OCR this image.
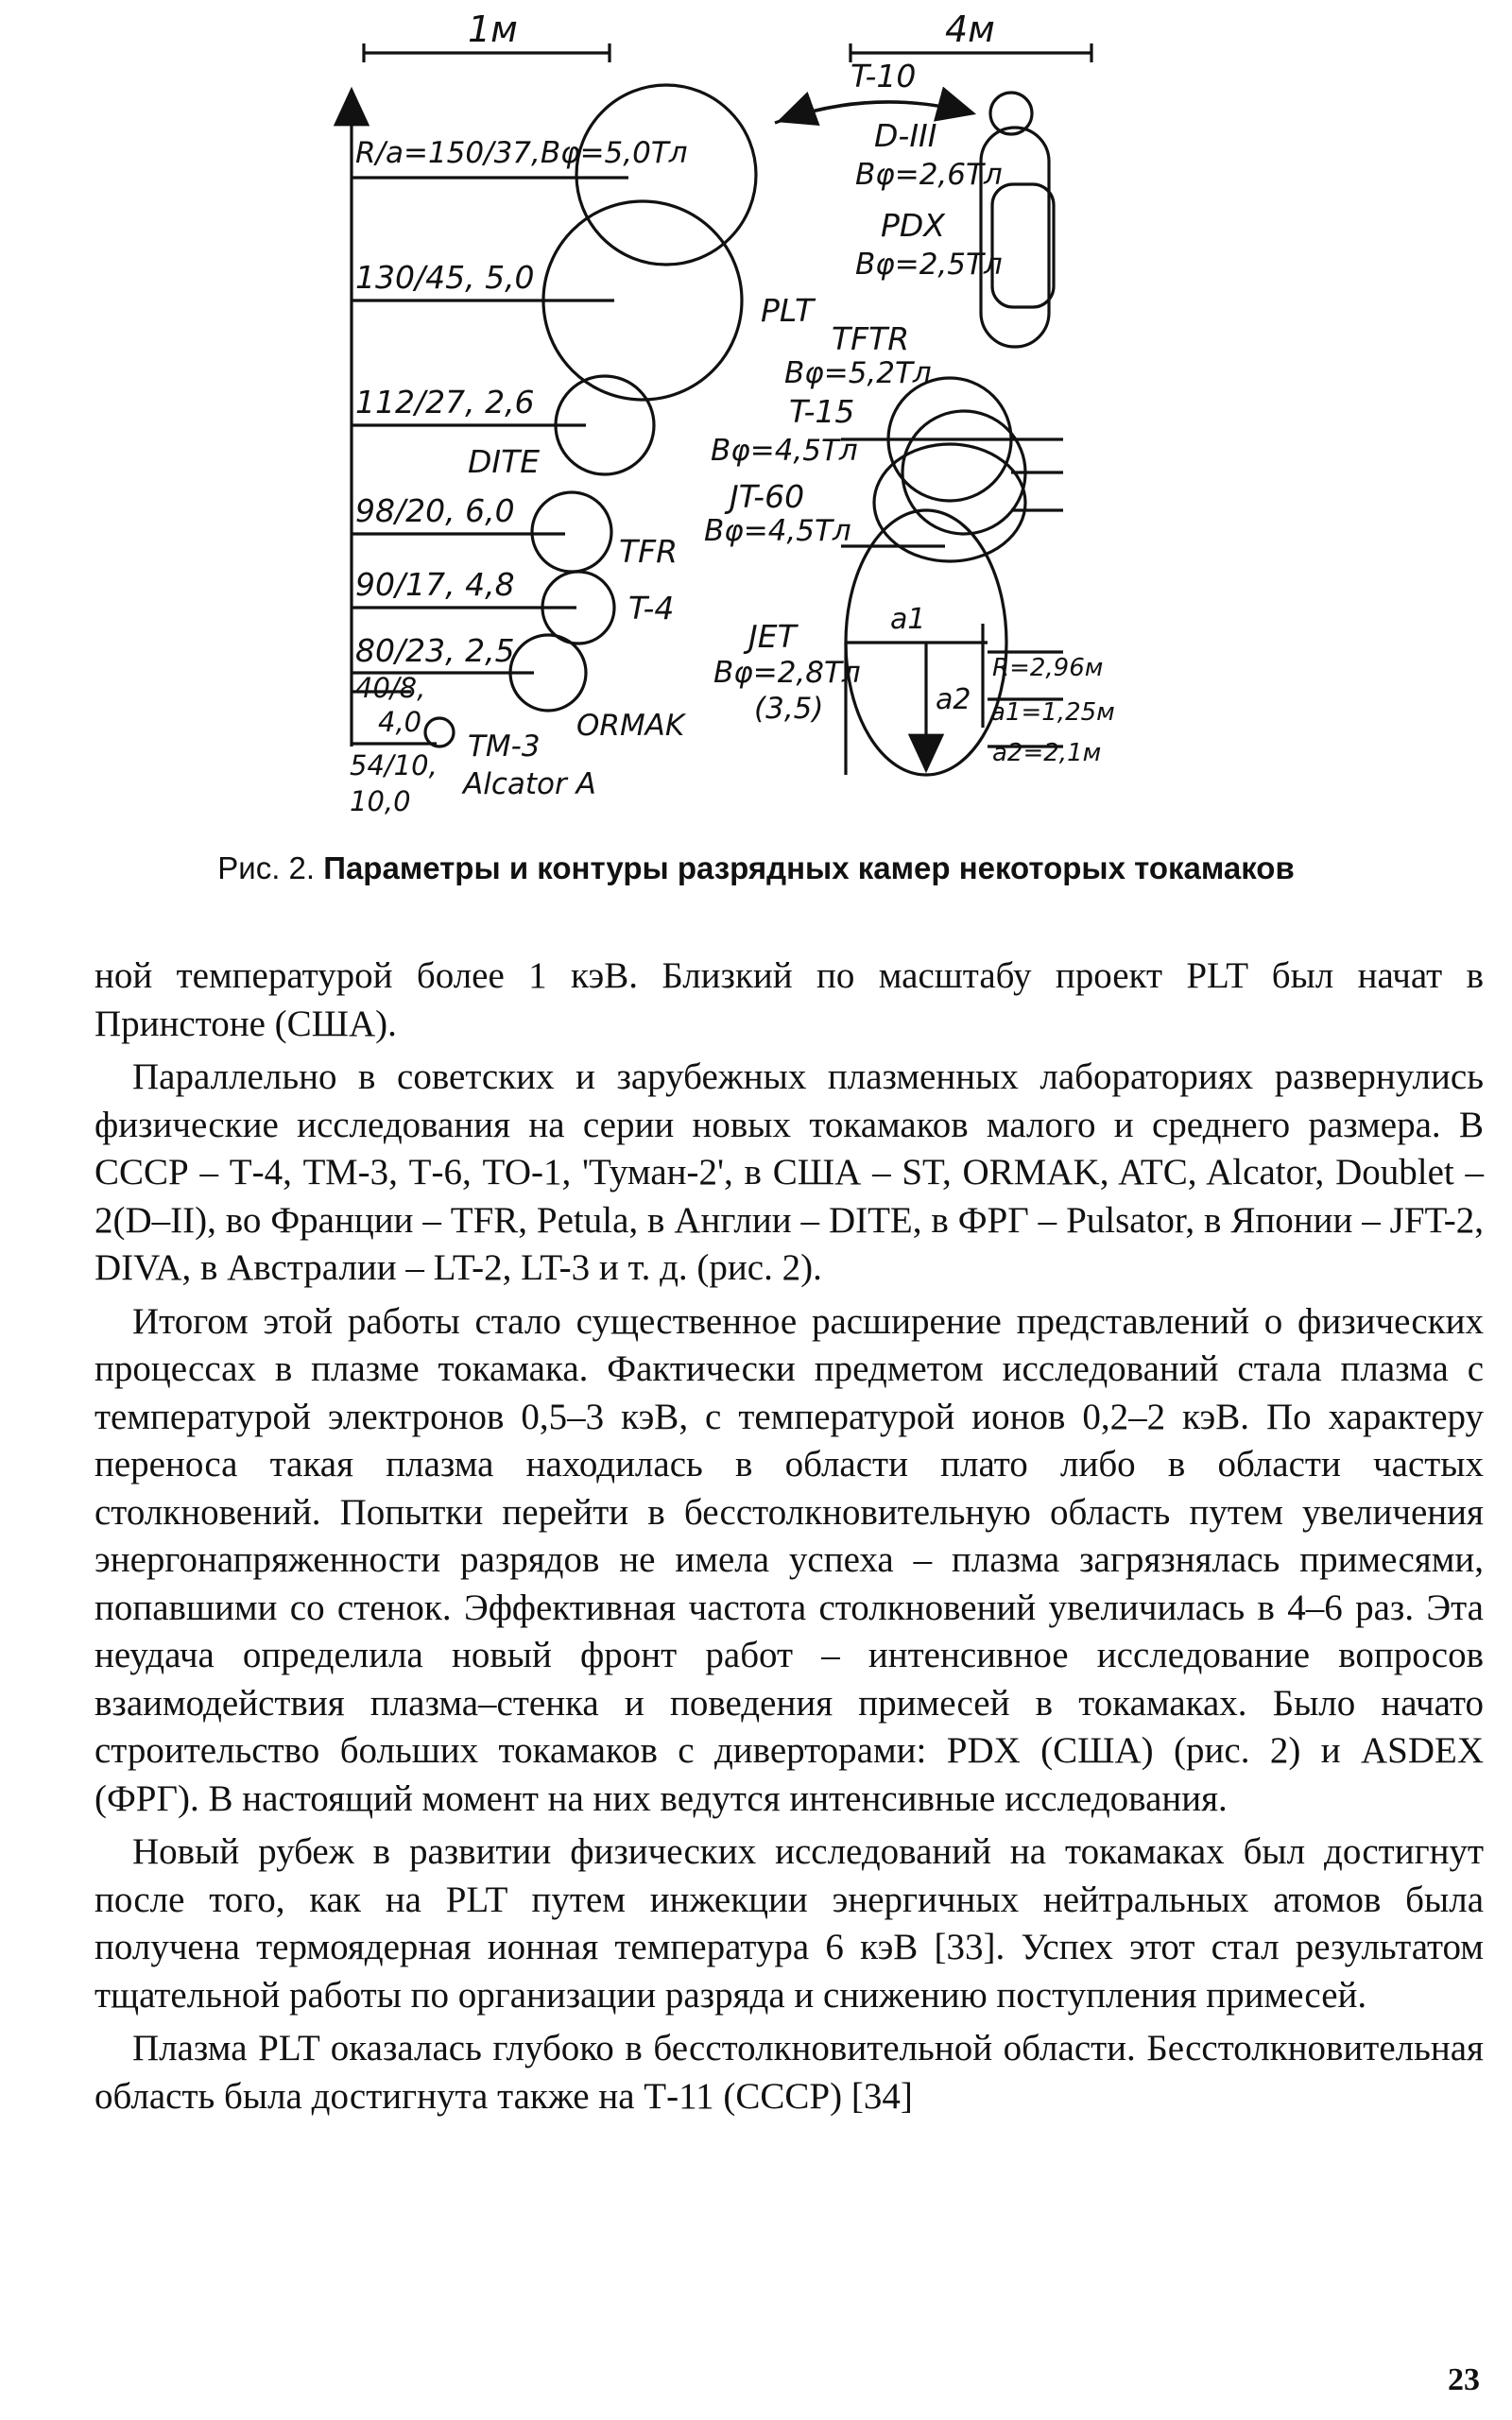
1м	4м
R/a=150/37,Bφ=5,0Тл
130/45, 5,0
112/27, 2,6
98/20, 6,0
90/17, 4,8
80/23, 2,5
40/8,
4,0
54/10,
10,0
PLT
DITE
TFR
T-4
ORMAK
TM-3
Alcator A
T-10
D-III
Bφ=2,6Тл
PDX
Bφ=2,5Тл
TFTR
Bφ=5,2Тл
T-15
Bφ=4,5Тл
JT-60
Bφ=4,5Тл
JET
Bφ=2,8Тл
(3,5)
a1
a2
R=2,96м
a1=1,25м
a2=2,1м
Рис. 2. Параметры и контуры разрядных камер некоторых токамаков

ной температурой более 1 кэВ. Близкий по масштабу проект PLT был начат в Принстоне (США).

Параллельно в советских и зарубежных плазменных лабораториях развернулись физические исследования на серии новых токамаков малого и среднего размера. В СССР – Т-4, ТМ-3, Т-6, ТО-1, 'Туман-2', в США – ST, ORMAK, ATC, Alcator, Doublet – 2(D–II), во Франции – TFR, Petula, в Англии – DITE, в ФРГ – Pulsator, в Японии – JFT-2, DIVA, в Австралии – LT-2, LT-3 и т. д. (рис. 2).

Итогом этой работы стало существенное расширение представлений о физических процессах в плазме токамака. Фактически предметом исследований стала плазма с температурой электронов 0,5–3 кэВ, с температурой ионов 0,2–2 кэВ. По характеру переноса такая плазма находилась в области плато либо в области частых столкновений. Попытки перейти в бесстолкновительную область путем увеличения энергонапряженности разрядов не имела успеха – плазма загрязнялась примесями, попавшими со стенок. Эффективная частота столкновений увеличилась в 4–6 раз. Эта неудача определила новый фронт работ – интенсивное исследование вопросов взаимодействия плазма–стенка и поведения примесей в токамаках. Было начато строительство больших токамаков с диверторами: PDX (США) (рис. 2) и ASDEX (ФРГ). В настоящий момент на них ведутся интенсивные исследования.

Новый рубеж в развитии физических исследований на токамаках был достигнут после того, как на PLT путем инжекции энергичных нейтральных атомов была получена термоядерная ионная температура 6 кэВ [33]. Успех этот стал результатом тщательной работы по организации разряда и снижению поступления примесей.

Плазма PLT оказалась глубоко в бесстолкновительной области. Бесстолкновительная область была достигнута также на Т-11 (СССР) [34]

23
